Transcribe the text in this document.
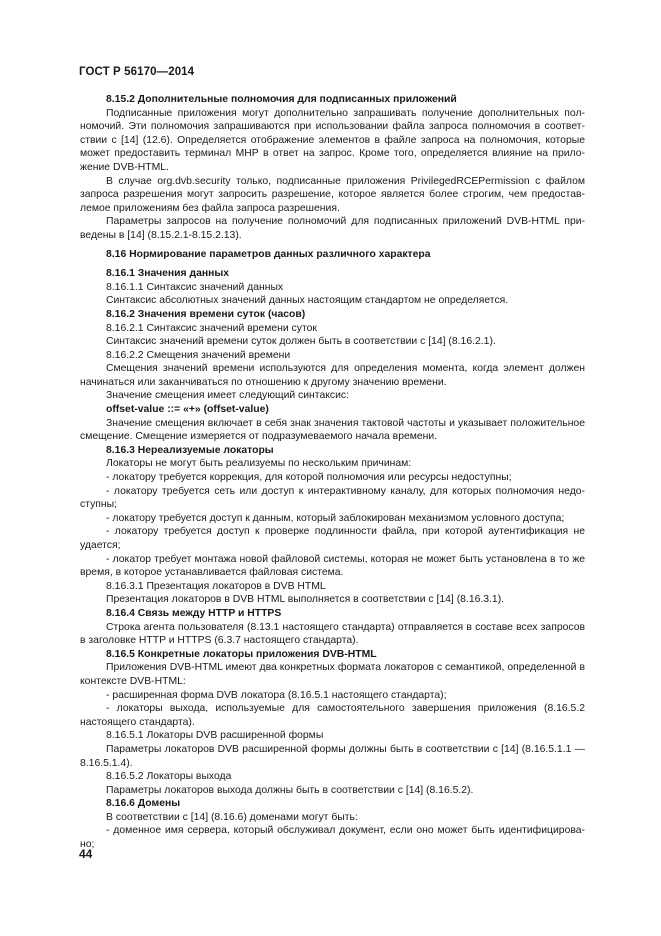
ГОСТ Р 56170—2014

8.15.2 Дополнительные полномочия для подписанных приложений

Подписанные приложения могут дополнительно запрашивать получение дополнительных полномочий. Эти полномочия запрашиваются при использовании файла запроса полномочия в соответствии с [14] (12.6). Определяется отображение элементов в файле запроса на полномочия, которые может предоставить терминал МНР в ответ на запрос. Кроме того, определяется влияние на приложение DVB-HTML.

В случае org.dvb.security только, подписанные приложения PrivilegedRCEPermission с файлом запроса разрешения могут запросить разрешение, которое является более строгим, чем предоставлемое приложениям без файла запроса разрешения.

Параметры запросов на получение полномочий для подписанных приложений DVB-HTML приведены в [14] (8.15.2.1-8.15.2.13).

8.16 Нормирование параметров данных различного характера

8.16.1 Значения данных

8.16.1.1 Синтаксис значений данных

Синтаксис абсолютных значений данных настоящим стандартом не определяется.

8.16.2 Значения времени суток (часов)

8.16.2.1 Синтаксис значений времени суток

Синтаксис значений времени суток должен быть в соответствии с [14] (8.16.2.1).

8.16.2.2 Смещения значений времени

Смещения значений времени используются для определения момента, когда элемент должен начинаться или заканчиваться по отношению к другому значению времени.

Значение смещения имеет следующий синтаксис:

offset-value ::= «+» (offset-value)

Значение смещения включает в себя знак значения тактовой частоты и указывает положительное смещение. Смещение измеряется от подразумеваемого начала времени.

8.16.3 Нереализуемые локаторы

Локаторы не могут быть реализуемы по нескольким причинам:

- локатору требуется коррекция, для которой полномочия или ресурсы недоступны;

- локатору требуется сеть или доступ к интерактивному каналу, для которых полномочия недоступны;

- локатору требуется доступ к данным, который заблокирован механизмом условного доступа;

- локатору требуется доступ к проверке подлинности файла, при которой аутентификация не удается;

- локатор требует монтажа новой файловой системы, которая не может быть установлена в то же время, в которое устанавливается файловая система.

8.16.3.1 Презентация локаторов в DVB HTML

Презентация локаторов в DVB HTML выполняется в соответствии с [14] (8.16.3.1).

8.16.4 Связь между HTTP и HTTPS

Строка агента пользователя (8.13.1 настоящего стандарта) отправляется в составе всех запросов в заголовке HTTP и HTTPS (6.3.7 настоящего стандарта).

8.16.5 Конкретные локаторы приложения DVB-HTML

Приложения DVB-HTML имеют два конкретных формата локаторов с семантикой, определенной в контексте DVB-HTML:

- расширенная форма DVB локатора (8.16.5.1 настоящего стандарта);

- локаторы выхода, используемые для самостоятельного завершения приложения (8.16.5.2 настоящего стандарта).

8.16.5.1 Локаторы DVB расширенной формы

Параметры локаторов DVB расширенной формы должны быть в соответствии с [14] (8.16.5.1.1 — 8.16.5.1.4).

8.16.5.2 Локаторы выхода

Параметры локаторов выхода должны быть в соответствии с [14] (8.16.5.2).

8.16.6 Домены

В соответствии с [14] (8.16.6) доменами могут быть:

- доменное имя сервера, который обслуживал документ, если оно может быть идентифицировано;

44
